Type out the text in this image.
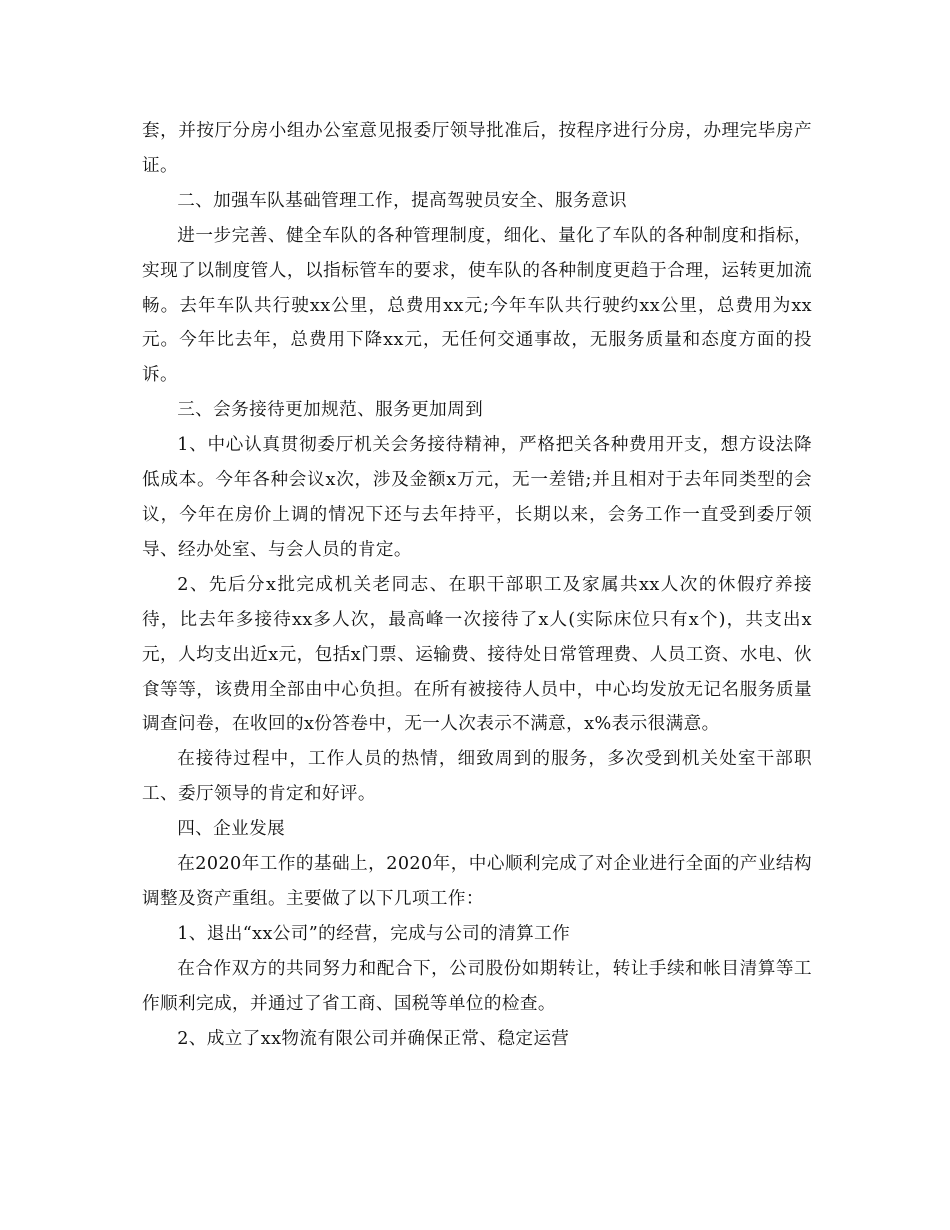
套，并按厅分房小组办公室意见报委厅领导批准后，按程序进行分房，办理完毕房产证。

二、加强车队基础管理工作，提高驾驶员安全、服务意识

进一步完善、健全车队的各种管理制度，细化、量化了车队的各种制度和指标，实现了以制度管人，以指标管车的要求，使车队的各种制度更趋于合理，运转更加流畅。去年车队共行驶xx公里，总费用xx元;今年车队共行驶约xx公里，总费用为xx元。今年比去年，总费用下降xx元，无任何交通事故，无服务质量和态度方面的投诉。

三、会务接待更加规范、服务更加周到

1、中心认真贯彻委厅机关会务接待精神，严格把关各种费用开支，想方设法降低成本。今年各种会议x次，涉及金额x万元，无一差错;并且相对于去年同类型的会议，今年在房价上调的情况下还与去年持平，长期以来，会务工作一直受到委厅领导、经办处室、与会人员的肯定。

2、先后分x批完成机关老同志、在职干部职工及家属共xx人次的休假疗养接待，比去年多接待xx多人次，最高峰一次接待了x人(实际床位只有x个)，共支出x元，人均支出近x元，包括x门票、运输费、接待处日常管理费、人员工资、水电、伙食等等，该费用全部由中心负担。在所有被接待人员中，中心均发放无记名服务质量调查问卷，在收回的x份答卷中，无一人次表示不满意，x%表示很满意。

在接待过程中，工作人员的热情，细致周到的服务，多次受到机关处室干部职工、委厅领导的肯定和好评。

四、企业发展

在2020年工作的基础上，2020年，中心顺利完成了对企业进行全面的产业结构调整及资产重组。主要做了以下几项工作：

1、退出“xx公司”的经营，完成与公司的清算工作

在合作双方的共同努力和配合下，公司股份如期转让，转让手续和帐目清算等工作顺利完成，并通过了省工商、国税等单位的检查。

2、成立了xx物流有限公司并确保正常、稳定运营
